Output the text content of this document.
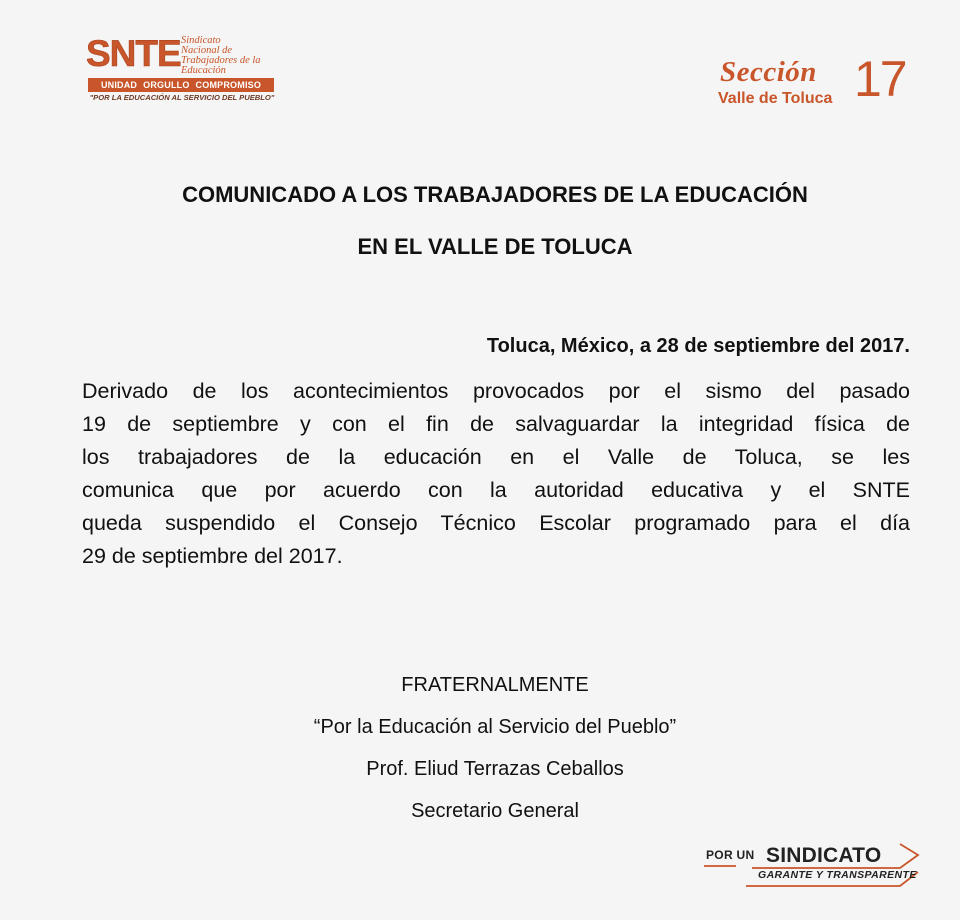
SNTE Sindicato
Nacional de
Trabajadores de la
Educación
UNIDAD ORGULLO COMPROMISO
"POR LA EDUCACIÓN AL SERVICIO DEL PUEBLO"
Sección 17
Valle de Toluca
COMUNICADO A LOS TRABAJADORES DE LA EDUCACIÓN
EN EL VALLE DE TOLUCA
Toluca, México, a 28 de septiembre del 2017.
Derivado de los acontecimientos provocados por el sismo del pasado
19 de septiembre y con el fin de salvaguardar la integridad física de
los trabajadores de la educación en el Valle de Toluca, se les
comunica que por acuerdo con la autoridad educativa y el SNTE
queda suspendido el Consejo Técnico Escolar programado para el día
29 de septiembre del 2017.
FRATERNALMENTE
“Por la Educación al Servicio del Pueblo”
Prof. Eliud Terrazas Ceballos
Secretario General
POR UN SINDICATO
GARANTE Y TRANSPARENTE
